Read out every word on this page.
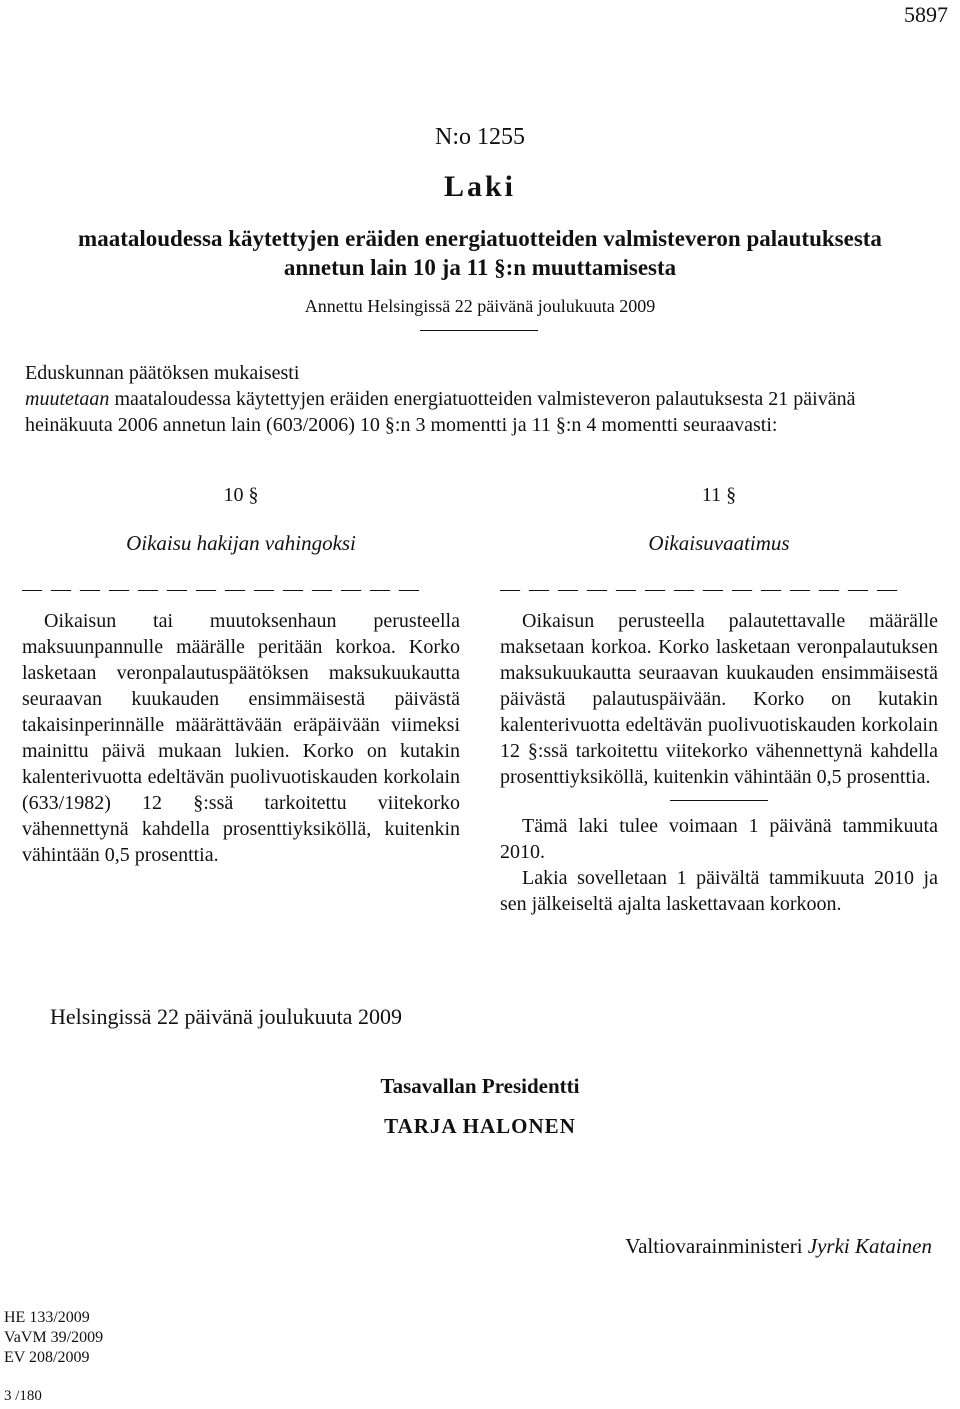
5897
N:o 1255
Laki
maataloudessa käytettyjen eräiden energiatuotteiden valmisteveron palautuksesta
annetun lain 10 ja 11 §:n muuttamisesta
Annettu Helsingissä 22 päivänä joulukuuta 2009
Eduskunnan päätöksen mukaisesti
muutetaan maataloudessa käytettyjen eräiden energiatuotteiden valmisteveron palautuksesta 21 päivänä heinäkuuta 2006 annetun lain (603/2006) 10 §:n 3 momentti ja 11 §:n 4 momentti seuraavasti:
10 §
Oikaisu hakijan vahingoksi
— — — — — — — — — — — — — —

Oikaisun tai muutoksenhaun perusteella maksuunpannulle määrälle peritään korkoa. Korko lasketaan veronpalautuspäätöksen maksukuukautta seuraavan kuukauden ensimmäisestä päivästä takaisinperinnälle määrättävään eräpäivään viimeksi mainittu päivä mukaan lukien. Korko on kutakin kalenterivuotta edeltävän puolivuotiskauden korkolain (633/1982) 12 §:ssä tarkoitettu viitekorko vähennettynä kahdella prosenttiyksiköllä, kuitenkin vähintään 0,5 prosenttia.

11 §
Oikaisuvaatimus
— — — — — — — — — — — — — —

Oikaisun perusteella palautettavalle määrälle maksetaan korkoa. Korko lasketaan veronpalautuksen maksukuukautta seuraavan kuukauden ensimmäisestä päivästä palautuspäivään. Korko on kutakin kalenterivuotta edeltävän puolivuotiskauden korkolain 12 §:ssä tarkoitettu viitekorko vähennettynä kahdella prosenttiyksiköllä, kuitenkin vähintään 0,5 prosenttia.

Tämä laki tulee voimaan 1 päivänä tammikuuta 2010.

Lakia sovelletaan 1 päivältä tammikuuta 2010 ja sen jälkeiseltä ajalta laskettavaan korkoon.

Helsingissä 22 päivänä joulukuuta 2009
Tasavallan Presidentti
TARJA HALONEN
Valtiovarainministeri Jyrki Katainen
HE 133/2009
VaVM 39/2009
EV 208/2009
3 /180
